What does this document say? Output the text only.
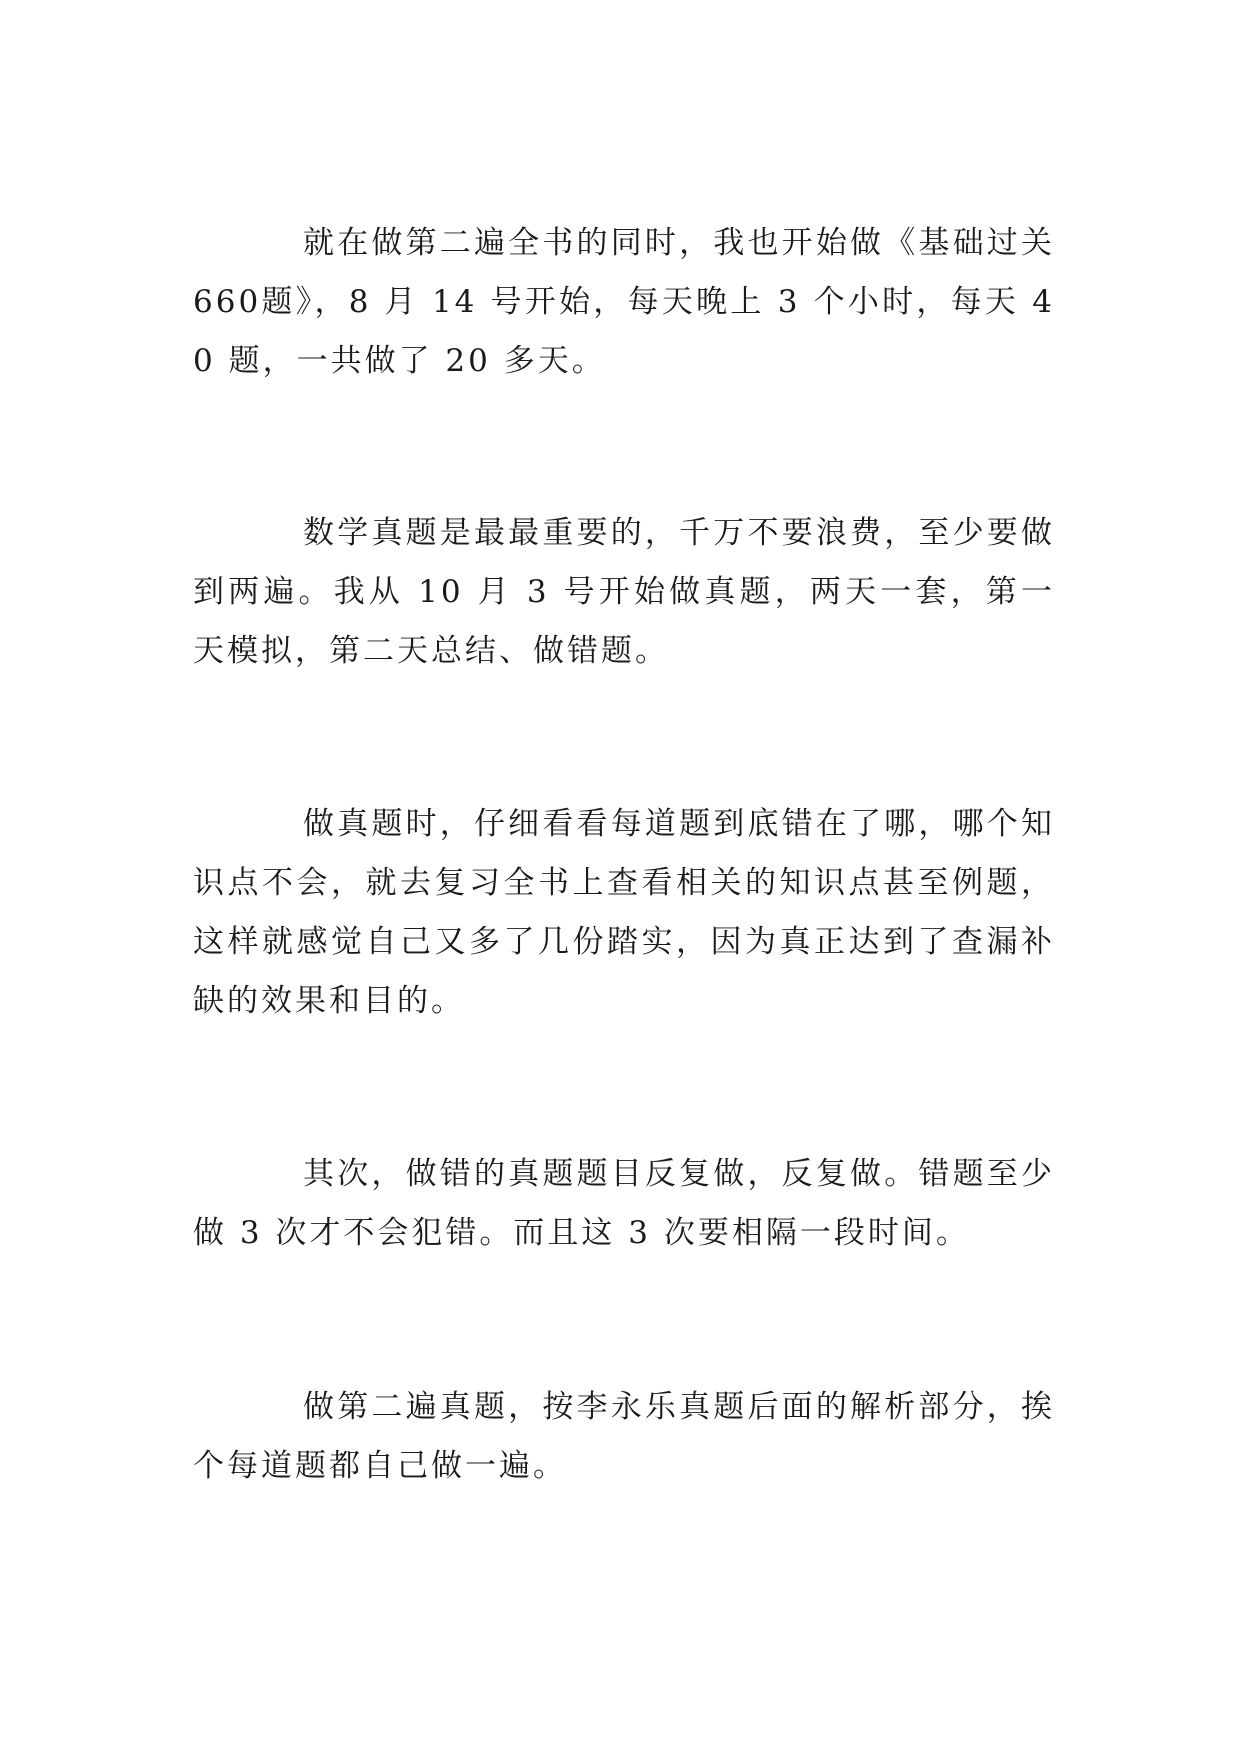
就在做第二遍全书的同时，我也开始做《基础过关660题》，8 月 14 号开始，每天晚上 3 个小时，每天 40 题，一共做了 20 多天。

数学真题是最最重要的，千万不要浪费，至少要做到两遍。我从 10 月 3 号开始做真题，两天一套，第一天模拟，第二天总结、做错题。

做真题时，仔细看看每道题到底错在了哪，哪个知识点不会，就去复习全书上查看相关的知识点甚至例题，这样就感觉自己又多了几份踏实，因为真正达到了查漏补缺的效果和目的。

其次，做错的真题题目反复做，反复做。错题至少做 3 次才不会犯错。而且这 3 次要相隔一段时间。

做第二遍真题，按李永乐真题后面的解析部分，挨个每道题都自己做一遍。
